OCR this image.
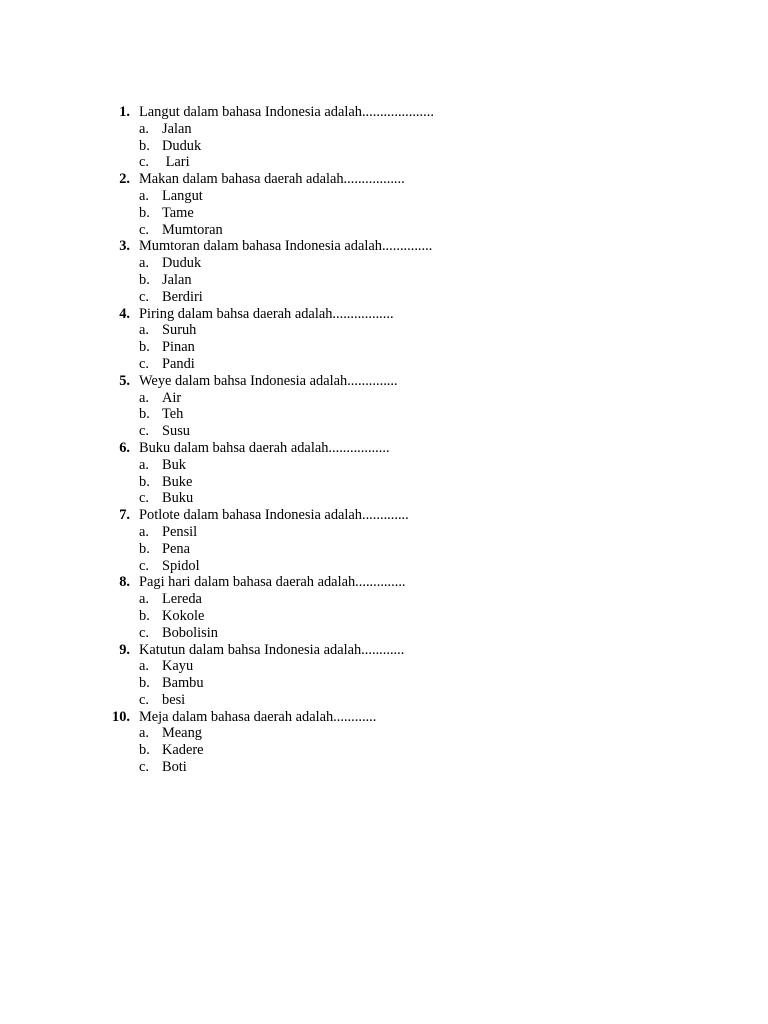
1. Langut dalam bahasa Indonesia adalah....................
a. Jalan
b. Duduk
c. Lari
2. Makan dalam bahasa daerah adalah.................
a. Langut
b. Tame
c. Mumtoran
3. Mumtoran dalam bahasa Indonesia adalah..............
a. Duduk
b. Jalan
c. Berdiri
4. Piring dalam bahsa daerah adalah.................
a. Suruh
b. Pinan
c. Pandi
5. Weye dalam bahsa Indonesia adalah..............
a. Air
b. Teh
c. Susu
6. Buku dalam bahsa daerah adalah.................
a. Buk
b. Buke
c. Buku
7. Potlote dalam bahasa Indonesia adalah.............
a. Pensil
b. Pena
c. Spidol
8. Pagi hari dalam bahasa daerah adalah..............
a. Lereda
b. Kokole
c. Bobolisin
9. Katutun dalam bahsa Indonesia adalah............
a. Kayu
b. Bambu
c. besi
10. Meja dalam bahasa daerah adalah............
a. Meang
b. Kadere
c. Boti
